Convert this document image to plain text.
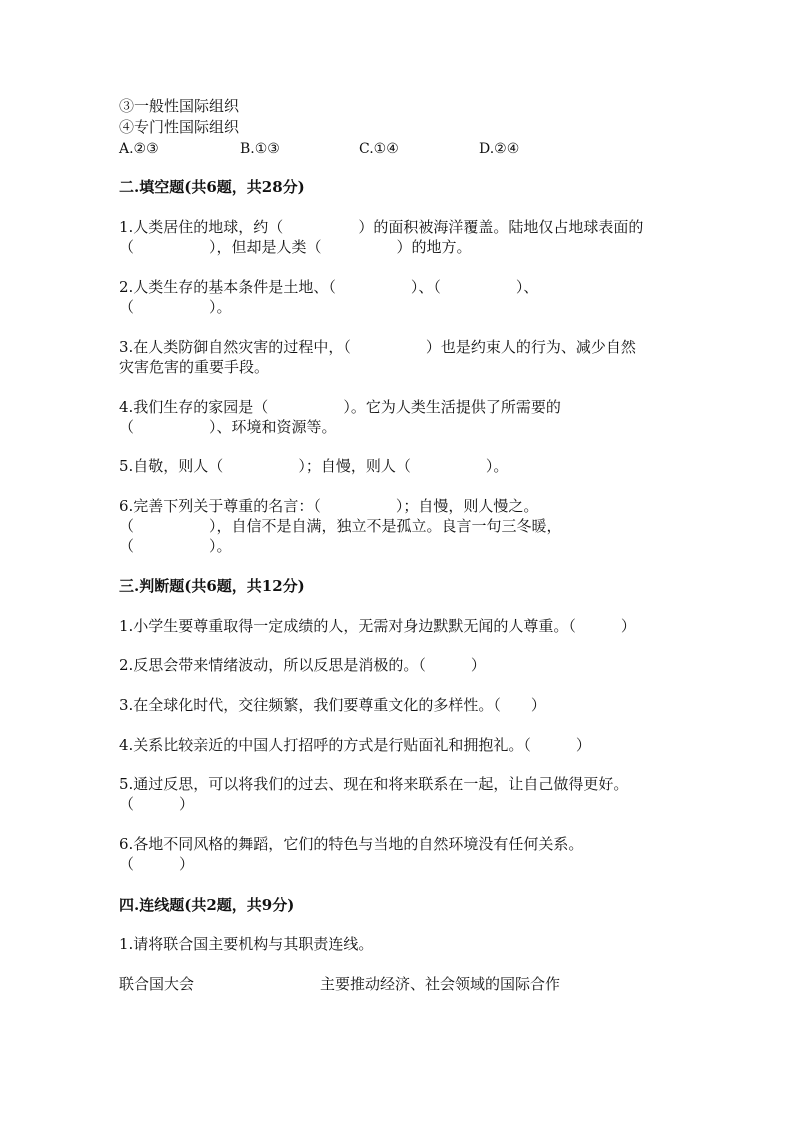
③一般性国际组织
④专门性国际组织
A.②③	B.①③	C.①④	D.②④
二.填空题(共6题，共28分)
1.人类居住的地球，约（　　　　　）的面积被海洋覆盖。陆地仅占地球表面的
（　　　　　），但却是人类（　　　　　）的地方。
2.人类生存的基本条件是土地、（　　　　　）、（　　　　　）、
（　　　　　）。
3.在人类防御自然灾害的过程中，（　　　　　）也是约束人的行为、减少自然
灾害危害的重要手段。
4.我们生存的家园是（　　　　　）。它为人类生活提供了所需要的
（　　　　　）、环境和资源等。
5.自敬，则人（　　　　　）；自慢，则人（　　　　　）。
6.完善下列关于尊重的名言：（　　　　　）；自慢，则人慢之。
（　　　　　），自信不是自满，独立不是孤立。良言一句三冬暖，
（　　　　　）。
三.判断题(共6题，共12分)
1.小学生要尊重取得一定成绩的人，无需对身边默默无闻的人尊重。（　　　）
2.反思会带来情绪波动，所以反思是消极的。（　　　）
3.在全球化时代，交往频繁，我们要尊重文化的多样性。（　　）
4.关系比较亲近的中国人打招呼的方式是行贴面礼和拥抱礼。（　　　）
5.通过反思，可以将我们的过去、现在和将来联系在一起，让自己做得更好。
（　　　）
6.各地不同风格的舞蹈，它们的特色与当地的自然环境没有任何关系。
（　　　）
四.连线题(共2题，共9分)
1.请将联合国主要机构与其职责连线。
联合国大会	主要推动经济、社会领域的国际合作
